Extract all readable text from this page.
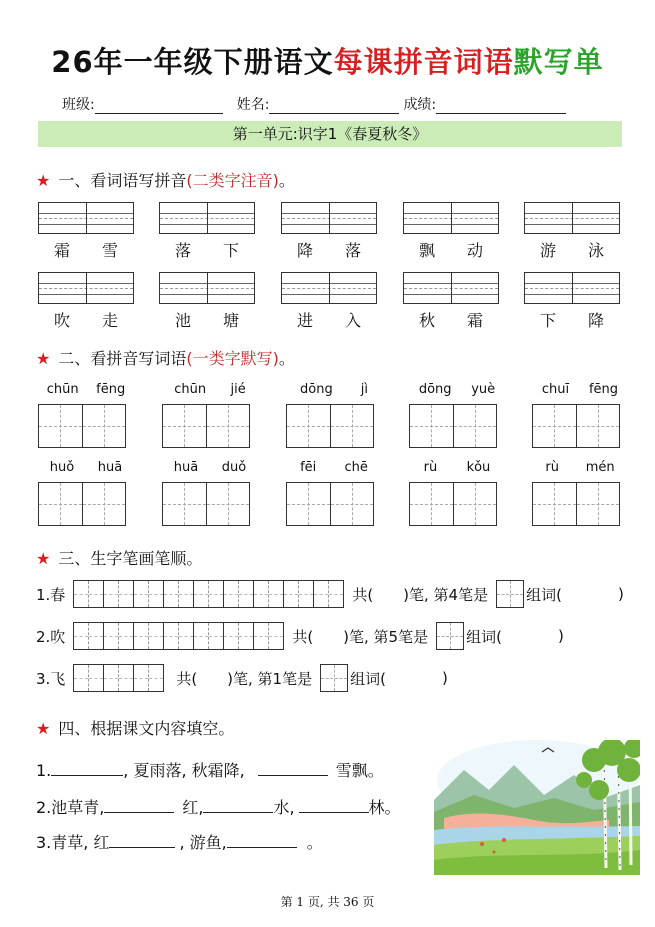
26年一年级下册语文每课拼音词语默写单
班级:	姓名:	成绩:
第一单元:识字1《春夏秋冬》
★ 一、看词语写拼音(二类字注音)。
霜 雪	落 下	降 落	飘 动	游 泳
吹 走	池 塘	进 入	秋 霜	下 降
★ 二、看拼音写词语(一类字默写)。
chūn fēng	chūn jié	dōng jì	dōng yuè	chuī fēng
huǒ huā	huā duǒ	fēi chē	rù kǒu	rù mén
★ 三、生字笔画笔顺。
1.春	共( )笔, 第4笔是	组词(	)
2.吹	共( )笔, 第5笔是	组词(	)
3.飞	共( )笔, 第1笔是	组词(	)
★ 四、根据课文内容填空。
1.	, 夏雨落, 秋霜降,	雪飘。
2.池草青,	红,	水,	林。
3.青草, 红	, 游鱼,	。
第 1 页, 共 36 页
